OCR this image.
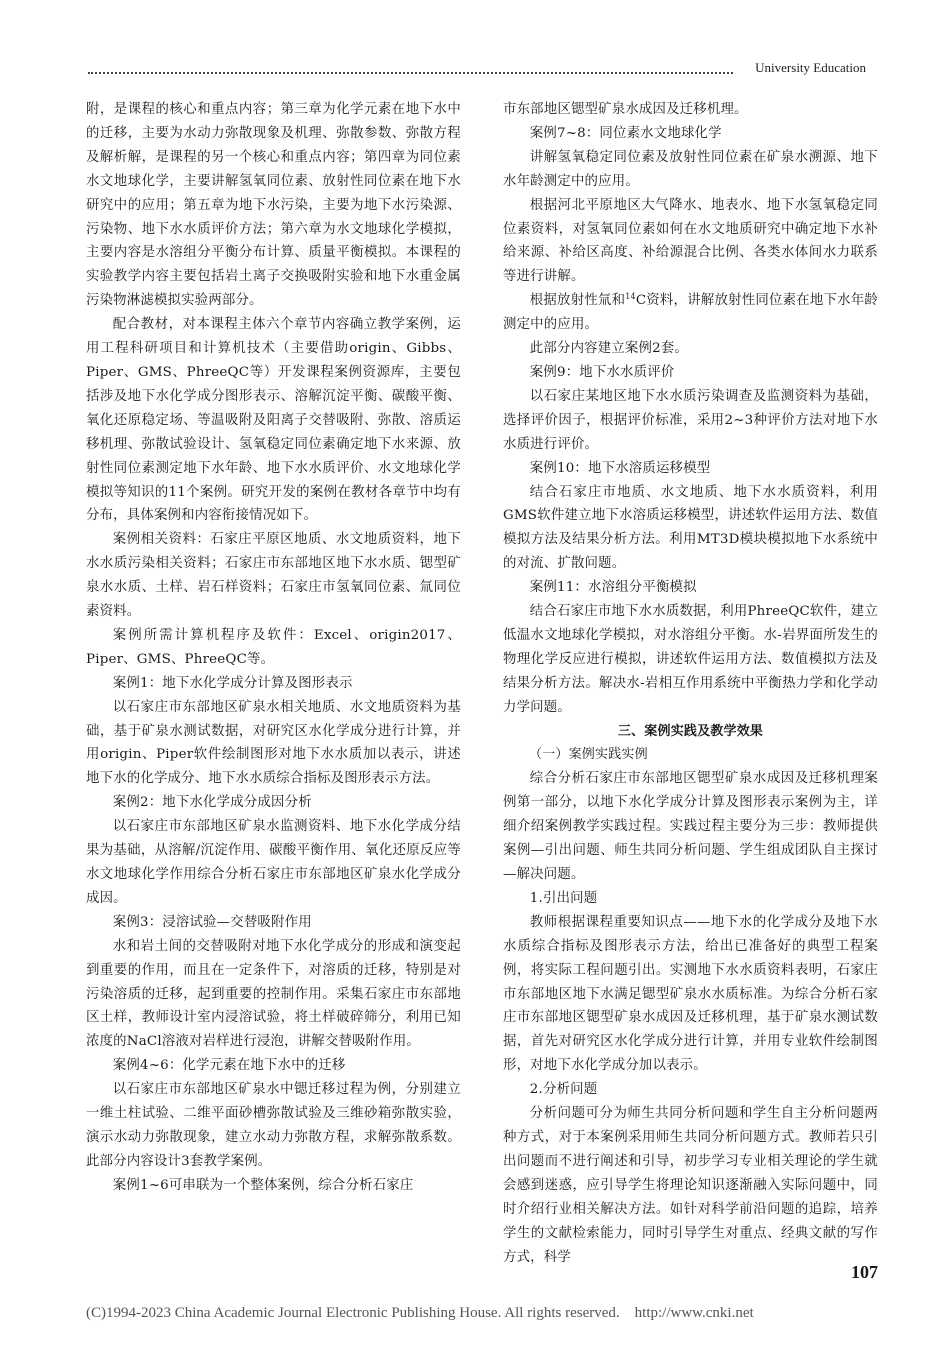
University Education

附，是课程的核心和重点内容；第三章为化学元素在地下水中的迁移，主要为水动力弥散现象及机理、弥散参数、弥散方程及解析解，是课程的另一个核心和重点内容；第四章为同位素水文地球化学，主要讲解氢氧同位素、放射性同位素在地下水研究中的应用；第五章为地下水污染，主要为地下水污染源、污染物、地下水水质评价方法；第六章为水文地球化学模拟，主要内容是水溶组分平衡分布计算、质量平衡模拟。本课程的实验教学内容主要包括岩土离子交换吸附实验和地下水重金属污染物淋滤模拟实验两部分。

配合教材，对本课程主体六个章节内容确立教学案例，运用工程科研项目和计算机技术（主要借助origin、Gibbs、Piper、GMS、PhreeQC等）开发课程案例资源库，主要包括涉及地下水化学成分图形表示、溶解沉淀平衡、碳酸平衡、氧化还原稳定场、等温吸附及阳离子交替吸附、弥散、溶质运移机理、弥散试验设计、氢氧稳定同位素确定地下水来源、放射性同位素测定地下水年龄、地下水水质评价、水文地球化学模拟等知识的11个案例。研究开发的案例在教材各章节中均有分布，具体案例和内容衔接情况如下。

案例相关资料：石家庄平原区地质、水文地质资料，地下水水质污染相关资料；石家庄市东部地区地下水水质、锶型矿泉水水质、土样、岩石样资料；石家庄市氢氧同位素、氚同位素资料。

案例所需计算机程序及软件：Excel、origin2017、Piper、GMS、PhreeQC等。

案例1：地下水化学成分计算及图形表示

以石家庄市东部地区矿泉水相关地质、水文地质资料为基础，基于矿泉水测试数据，对研究区水化学成分进行计算，并用origin、Piper软件绘制图形对地下水水质加以表示，讲述地下水的化学成分、地下水水质综合指标及图形表示方法。

案例2：地下水化学成分成因分析

以石家庄市东部地区矿泉水监测资料、地下水化学成分结果为基础，从溶解/沉淀作用、碳酸平衡作用、氧化还原反应等水文地球化学作用综合分析石家庄市东部地区矿泉水化学成分成因。

案例3：浸溶试验—交替吸附作用

水和岩土间的交替吸附对地下水化学成分的形成和演变起到重要的作用，而且在一定条件下，对溶质的迁移，特别是对污染溶质的迁移，起到重要的控制作用。采集石家庄市东部地区土样，教师设计室内浸溶试验，将土样破碎筛分，利用已知浓度的NaCl溶液对岩样进行浸泡，讲解交替吸附作用。

案例4~6：化学元素在地下水中的迁移

以石家庄市东部地区矿泉水中锶迁移过程为例，分别建立一维土柱试验、二维平面砂槽弥散试验及三维砂箱弥散实验，演示水动力弥散现象，建立水动力弥散方程，求解弥散系数。此部分内容设计3套教学案例。

案例1~6可串联为一个整体案例，综合分析石家庄

市东部地区锶型矿泉水成因及迁移机理。

案例7~8：同位素水文地球化学

讲解氢氧稳定同位素及放射性同位素在矿泉水溯源、地下水年龄测定中的应用。

根据河北平原地区大气降水、地表水、地下水氢氧稳定同位素资料，对氢氧同位素如何在水文地质研究中确定地下水补给来源、补给区高度、补给源混合比例、各类水体间水力联系等进行讲解。

根据放射性氚和$^{14}$C资料，讲解放射性同位素在地下水年龄测定中的应用。

此部分内容建立案例2套。

案例9：地下水水质评价

以石家庄某地区地下水水质污染调查及监测资料为基础，选择评价因子，根据评价标准，采用2~3种评价方法对地下水水质进行评价。

案例10：地下水溶质运移模型

结合石家庄市地质、水文地质、地下水水质资料，利用GMS软件建立地下水溶质运移模型，讲述软件运用方法、数值模拟方法及结果分析方法。利用MT3D模块模拟地下水系统中的对流、扩散问题。

案例11：水溶组分平衡模拟

结合石家庄市地下水水质数据，利用PhreeQC软件，建立低温水文地球化学模拟，对水溶组分平衡。水-岩界面所发生的物理化学反应进行模拟，讲述软件运用方法、数值模拟方法及结果分析方法。解决水-岩相互作用系统中平衡热力学和化学动力学问题。

三、案例实践及教学效果

（一）案例实践实例

综合分析石家庄市东部地区锶型矿泉水成因及迁移机理案例第一部分，以地下水化学成分计算及图形表示案例为主，详细介绍案例教学实践过程。实践过程主要分为三步：教师提供案例—引出问题、师生共同分析问题、学生组成团队自主探讨—解决问题。

1.引出问题

教师根据课程重要知识点——地下水的化学成分及地下水水质综合指标及图形表示方法，给出已准备好的典型工程案例，将实际工程问题引出。实测地下水水质资料表明，石家庄市东部地区地下水满足锶型矿泉水水质标准。为综合分析石家庄市东部地区锶型矿泉水成因及迁移机理，基于矿泉水测试数据，首先对研究区水化学成分进行计算，并用专业软件绘制图形，对地下水化学成分加以表示。

2.分析问题

分析问题可分为师生共同分析问题和学生自主分析问题两种方式，对于本案例采用师生共同分析问题方式。教师若只引出问题而不进行阐述和引导，初步学习专业相关理论的学生就会感到迷惑，应引导学生将理论知识逐渐融入实际问题中，同时介绍行业相关解决方法。如针对科学前沿问题的追踪，培养学生的文献检索能力，同时引导学生对重点、经典文献的写作方式，科学

107
(C)1994-2023 China Academic Journal Electronic Publishing House. All rights reserved. http://www.cnki.net
